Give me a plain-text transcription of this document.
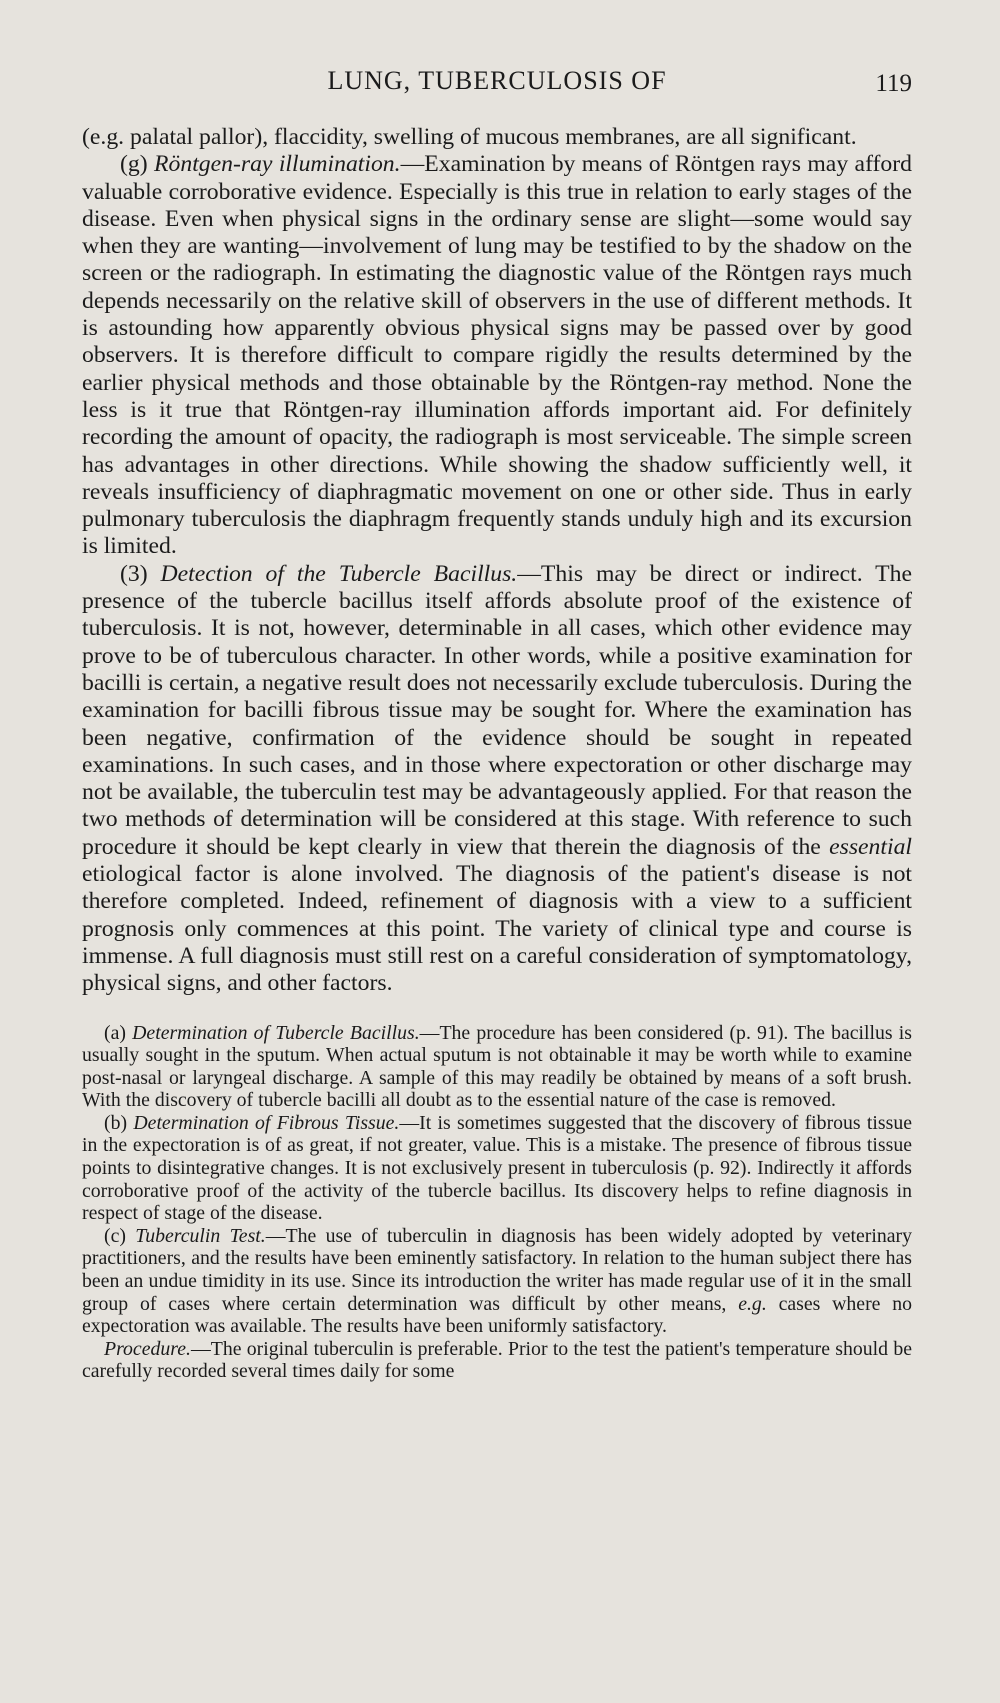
LUNG, TUBERCULOSIS OF	119

(e.g. palatal pallor), flaccidity, swelling of mucous membranes, are all significant.

(g) Röntgen-ray illumination.—Examination by means of Röntgen rays may afford valuable corroborative evidence. Especially is this true in relation to early stages of the disease. Even when physical signs in the ordinary sense are slight—some would say when they are wanting—involvement of lung may be testified to by the shadow on the screen or the radiograph. In estimating the diagnostic value of the Röntgen rays much depends necessarily on the relative skill of observers in the use of different methods. It is astounding how apparently obvious physical signs may be passed over by good observers. It is therefore difficult to compare rigidly the results determined by the earlier physical methods and those obtainable by the Röntgen-ray method. None the less is it true that Röntgen-ray illumination affords important aid. For definitely recording the amount of opacity, the radiograph is most serviceable. The simple screen has advantages in other directions. While showing the shadow sufficiently well, it reveals insufficiency of diaphragmatic movement on one or other side. Thus in early pulmonary tuberculosis the diaphragm frequently stands unduly high and its excursion is limited.

(3) Detection of the Tubercle Bacillus.—This may be direct or indirect. The presence of the tubercle bacillus itself affords absolute proof of the existence of tuberculosis. It is not, however, determinable in all cases, which other evidence may prove to be of tuberculous character. In other words, while a positive examination for bacilli is certain, a negative result does not necessarily exclude tuberculosis. During the examination for bacilli fibrous tissue may be sought for. Where the examination has been negative, confirmation of the evidence should be sought in repeated examinations. In such cases, and in those where expectoration or other discharge may not be available, the tuberculin test may be advantageously applied. For that reason the two methods of determination will be considered at this stage. With reference to such procedure it should be kept clearly in view that therein the diagnosis of the essential etiological factor is alone involved. The diagnosis of the patient's disease is not therefore completed. Indeed, refinement of diagnosis with a view to a sufficient prognosis only commences at this point. The variety of clinical type and course is immense. A full diagnosis must still rest on a careful consideration of symptomatology, physical signs, and other factors.

(a) Determination of Tubercle Bacillus.—The procedure has been considered (p. 91). The bacillus is usually sought in the sputum. When actual sputum is not obtainable it may be worth while to examine post-nasal or laryngeal discharge. A sample of this may readily be obtained by means of a soft brush. With the discovery of tubercle bacilli all doubt as to the essential nature of the case is removed.

(b) Determination of Fibrous Tissue.—It is sometimes suggested that the discovery of fibrous tissue in the expectoration is of as great, if not greater, value. This is a mistake. The presence of fibrous tissue points to disintegrative changes. It is not exclusively present in tuberculosis (p. 92). Indirectly it affords corroborative proof of the activity of the tubercle bacillus. Its discovery helps to refine diagnosis in respect of stage of the disease.

(c) Tuberculin Test.—The use of tuberculin in diagnosis has been widely adopted by veterinary practitioners, and the results have been eminently satisfactory. In relation to the human subject there has been an undue timidity in its use. Since its introduction the writer has made regular use of it in the small group of cases where certain determination was difficult by other means, e.g. cases where no expectoration was available. The results have been uniformly satisfactory.

Procedure.—The original tuberculin is preferable. Prior to the test the patient's temperature should be carefully recorded several times daily for some
